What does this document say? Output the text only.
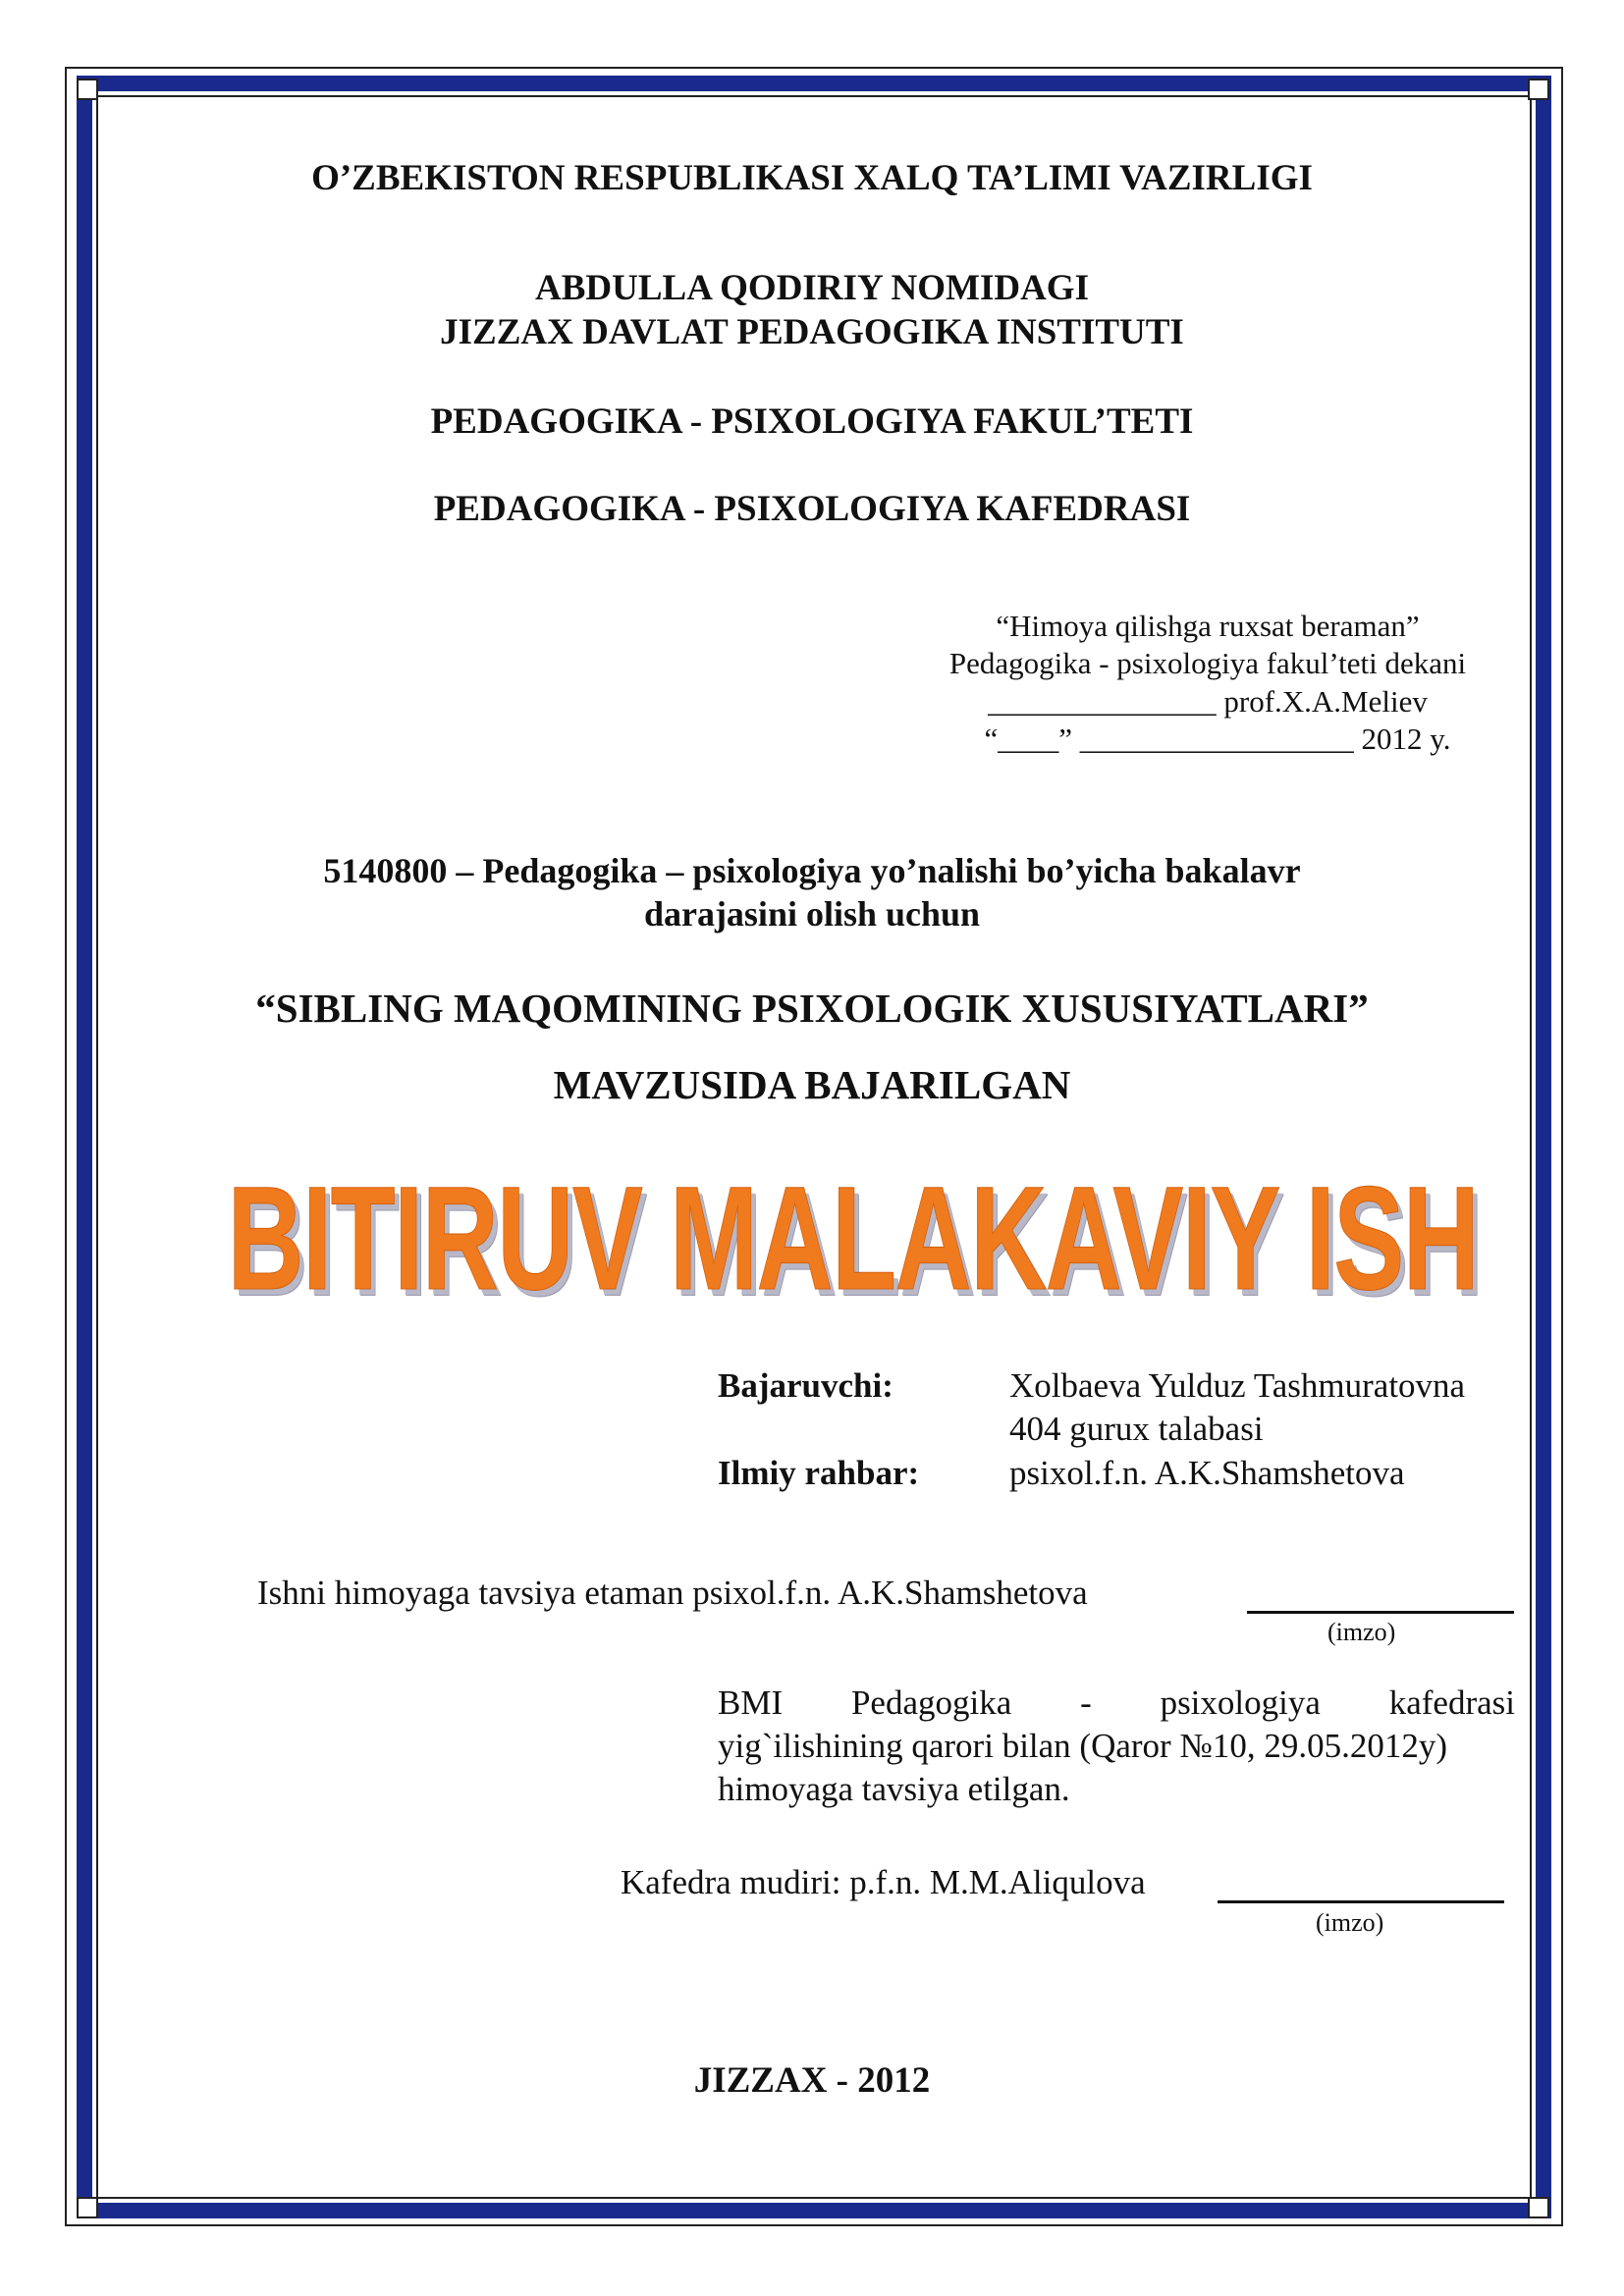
O’ZBEKISTON RESPUBLIKASI XALQ TA’LIMI VAZIRLIGI
ABDULLA QODIRIY NOMIDAGI
JIZZAX DAVLAT PEDAGOGIKA INSTITUTI
PEDAGOGIKA - PSIXOLOGIYA FAKUL’TETI
PEDAGOGIKA - PSIXOLOGIYA KAFEDRASI
“Himoya qilishga ruxsat beraman”
Pedagogika - psixologiya fakul’teti dekani
_______________ prof.X.A.Meliev
“____” __________________ 2012 y.
5140800 – Pedagogika – psixologiya yo’nalishi bo’yicha bakalavr
darajasini olish uchun
“SIBLING MAQOMINING PSIXOLOGIK XUSUSIYATLARI”
MAVZUSIDA BAJARILGAN
BITIRUV MALAKAVIY ISH
Bajaruvchi:	Xolbaeva Yulduz Tashmuratovna
404 gurux talabasi
Ilmiy rahbar:	psixol.f.n. A.K.Shamshetova
Ishni himoyaga tavsiya etaman psixol.f.n. A.K.Shamshetova
(imzo)
BMI Pedagogika - psixologiya kafedrasi
yig`ilishining qarori bilan (Qaror №10, 29.05.2012y)
himoyaga tavsiya etilgan.
Kafedra mudiri: p.f.n. M.M.Aliqulova
(imzo)
JIZZAX - 2012
